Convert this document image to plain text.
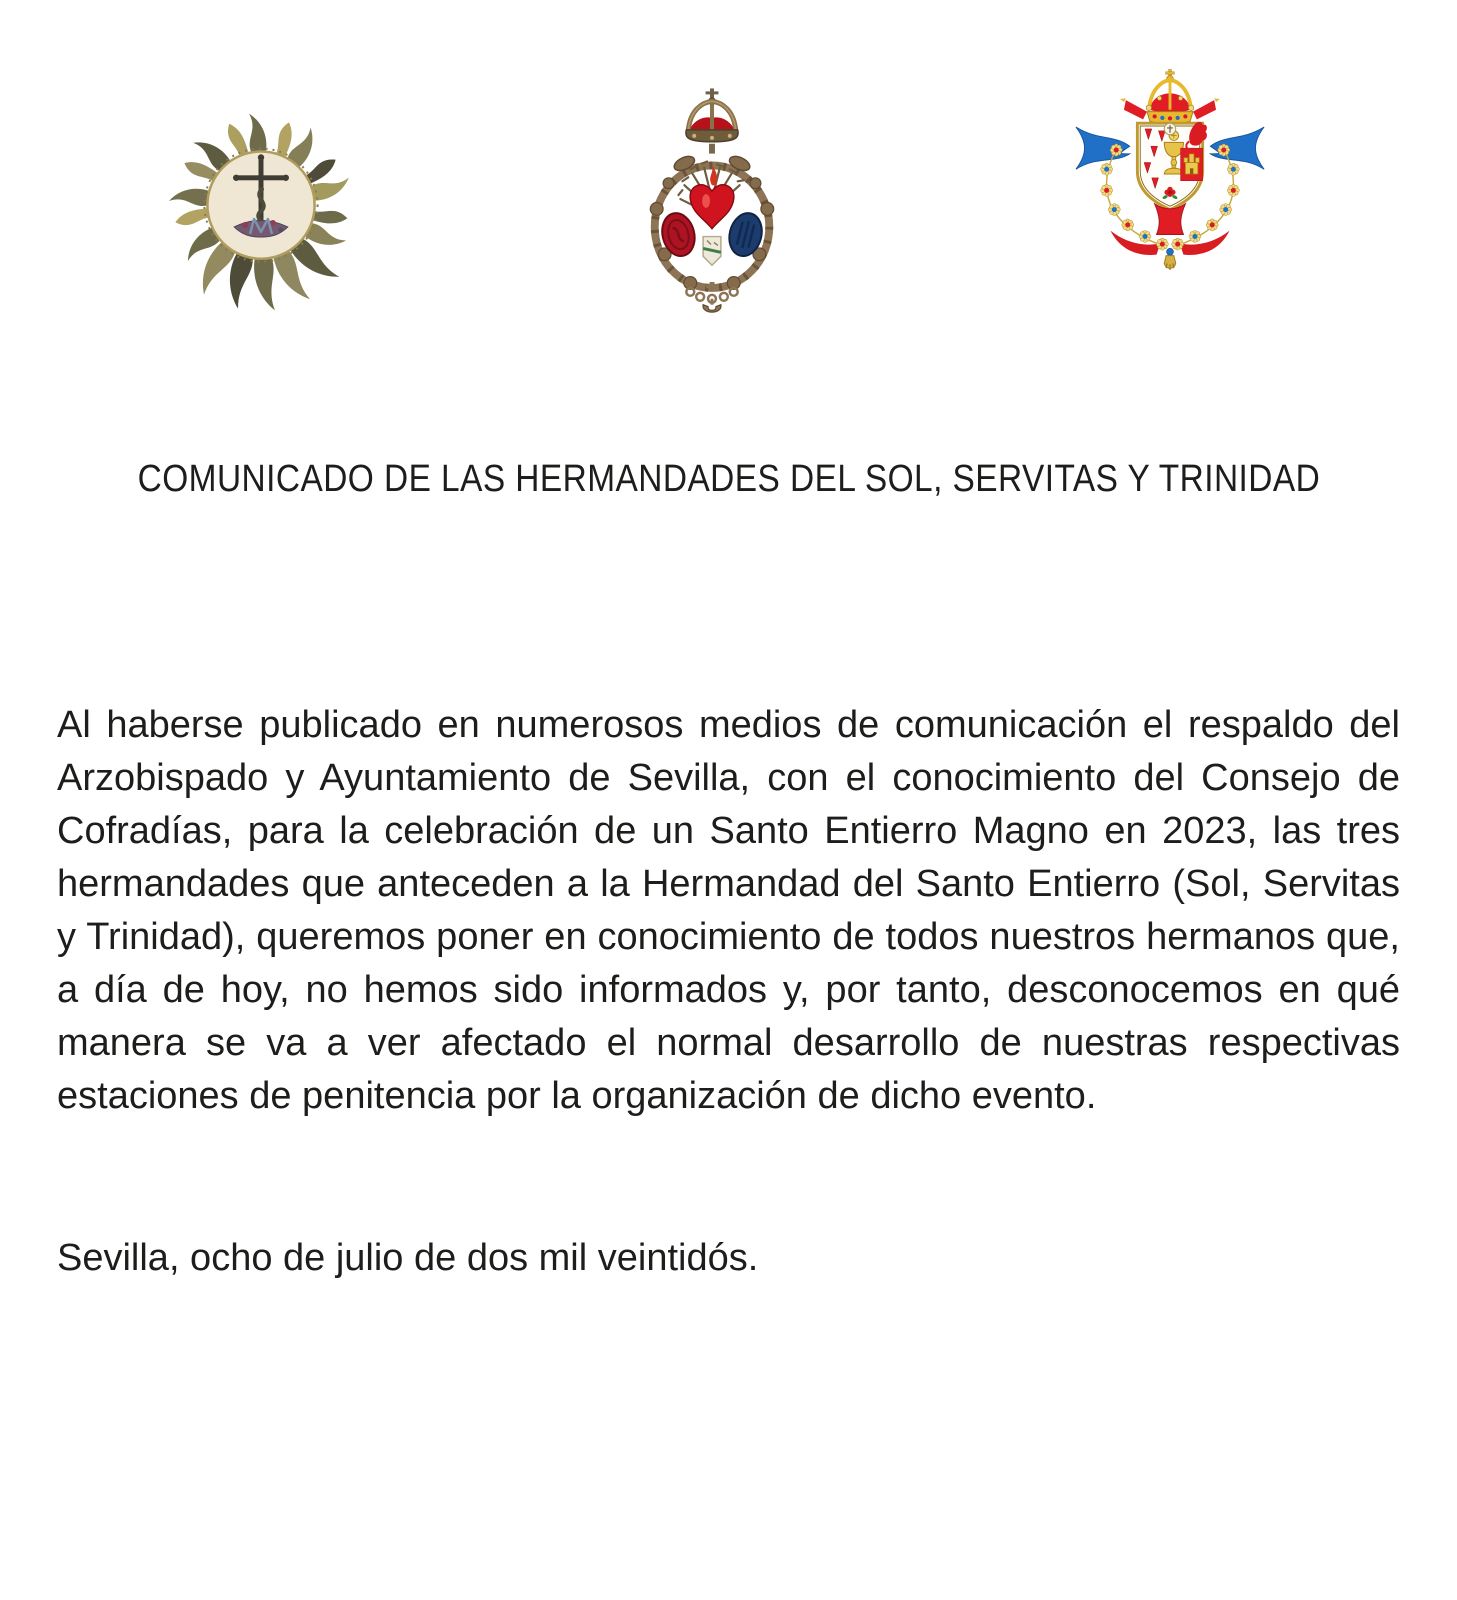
COMUNICADO DE LAS HERMANDADES DEL SOL, SERVITAS Y TRINIDAD
Al haberse publicado en numerosos medios de comunicación el respaldo del Arzobispado y Ayuntamiento de Sevilla, con el conocimiento del Consejo de Cofradías, para la celebración de un Santo Entierro Magno en 2023, las tres hermandades que anteceden a la Hermandad del Santo Entierro (Sol, Servitas y Trinidad), queremos poner en conocimiento de todos nuestros hermanos que, a día de hoy, no hemos sido informados y, por tanto, desconocemos en qué manera se va a ver afectado el normal desarrollo de nuestras respectivas estaciones de penitencia por la organización de dicho evento.
Sevilla, ocho de julio de dos mil veintidós.
